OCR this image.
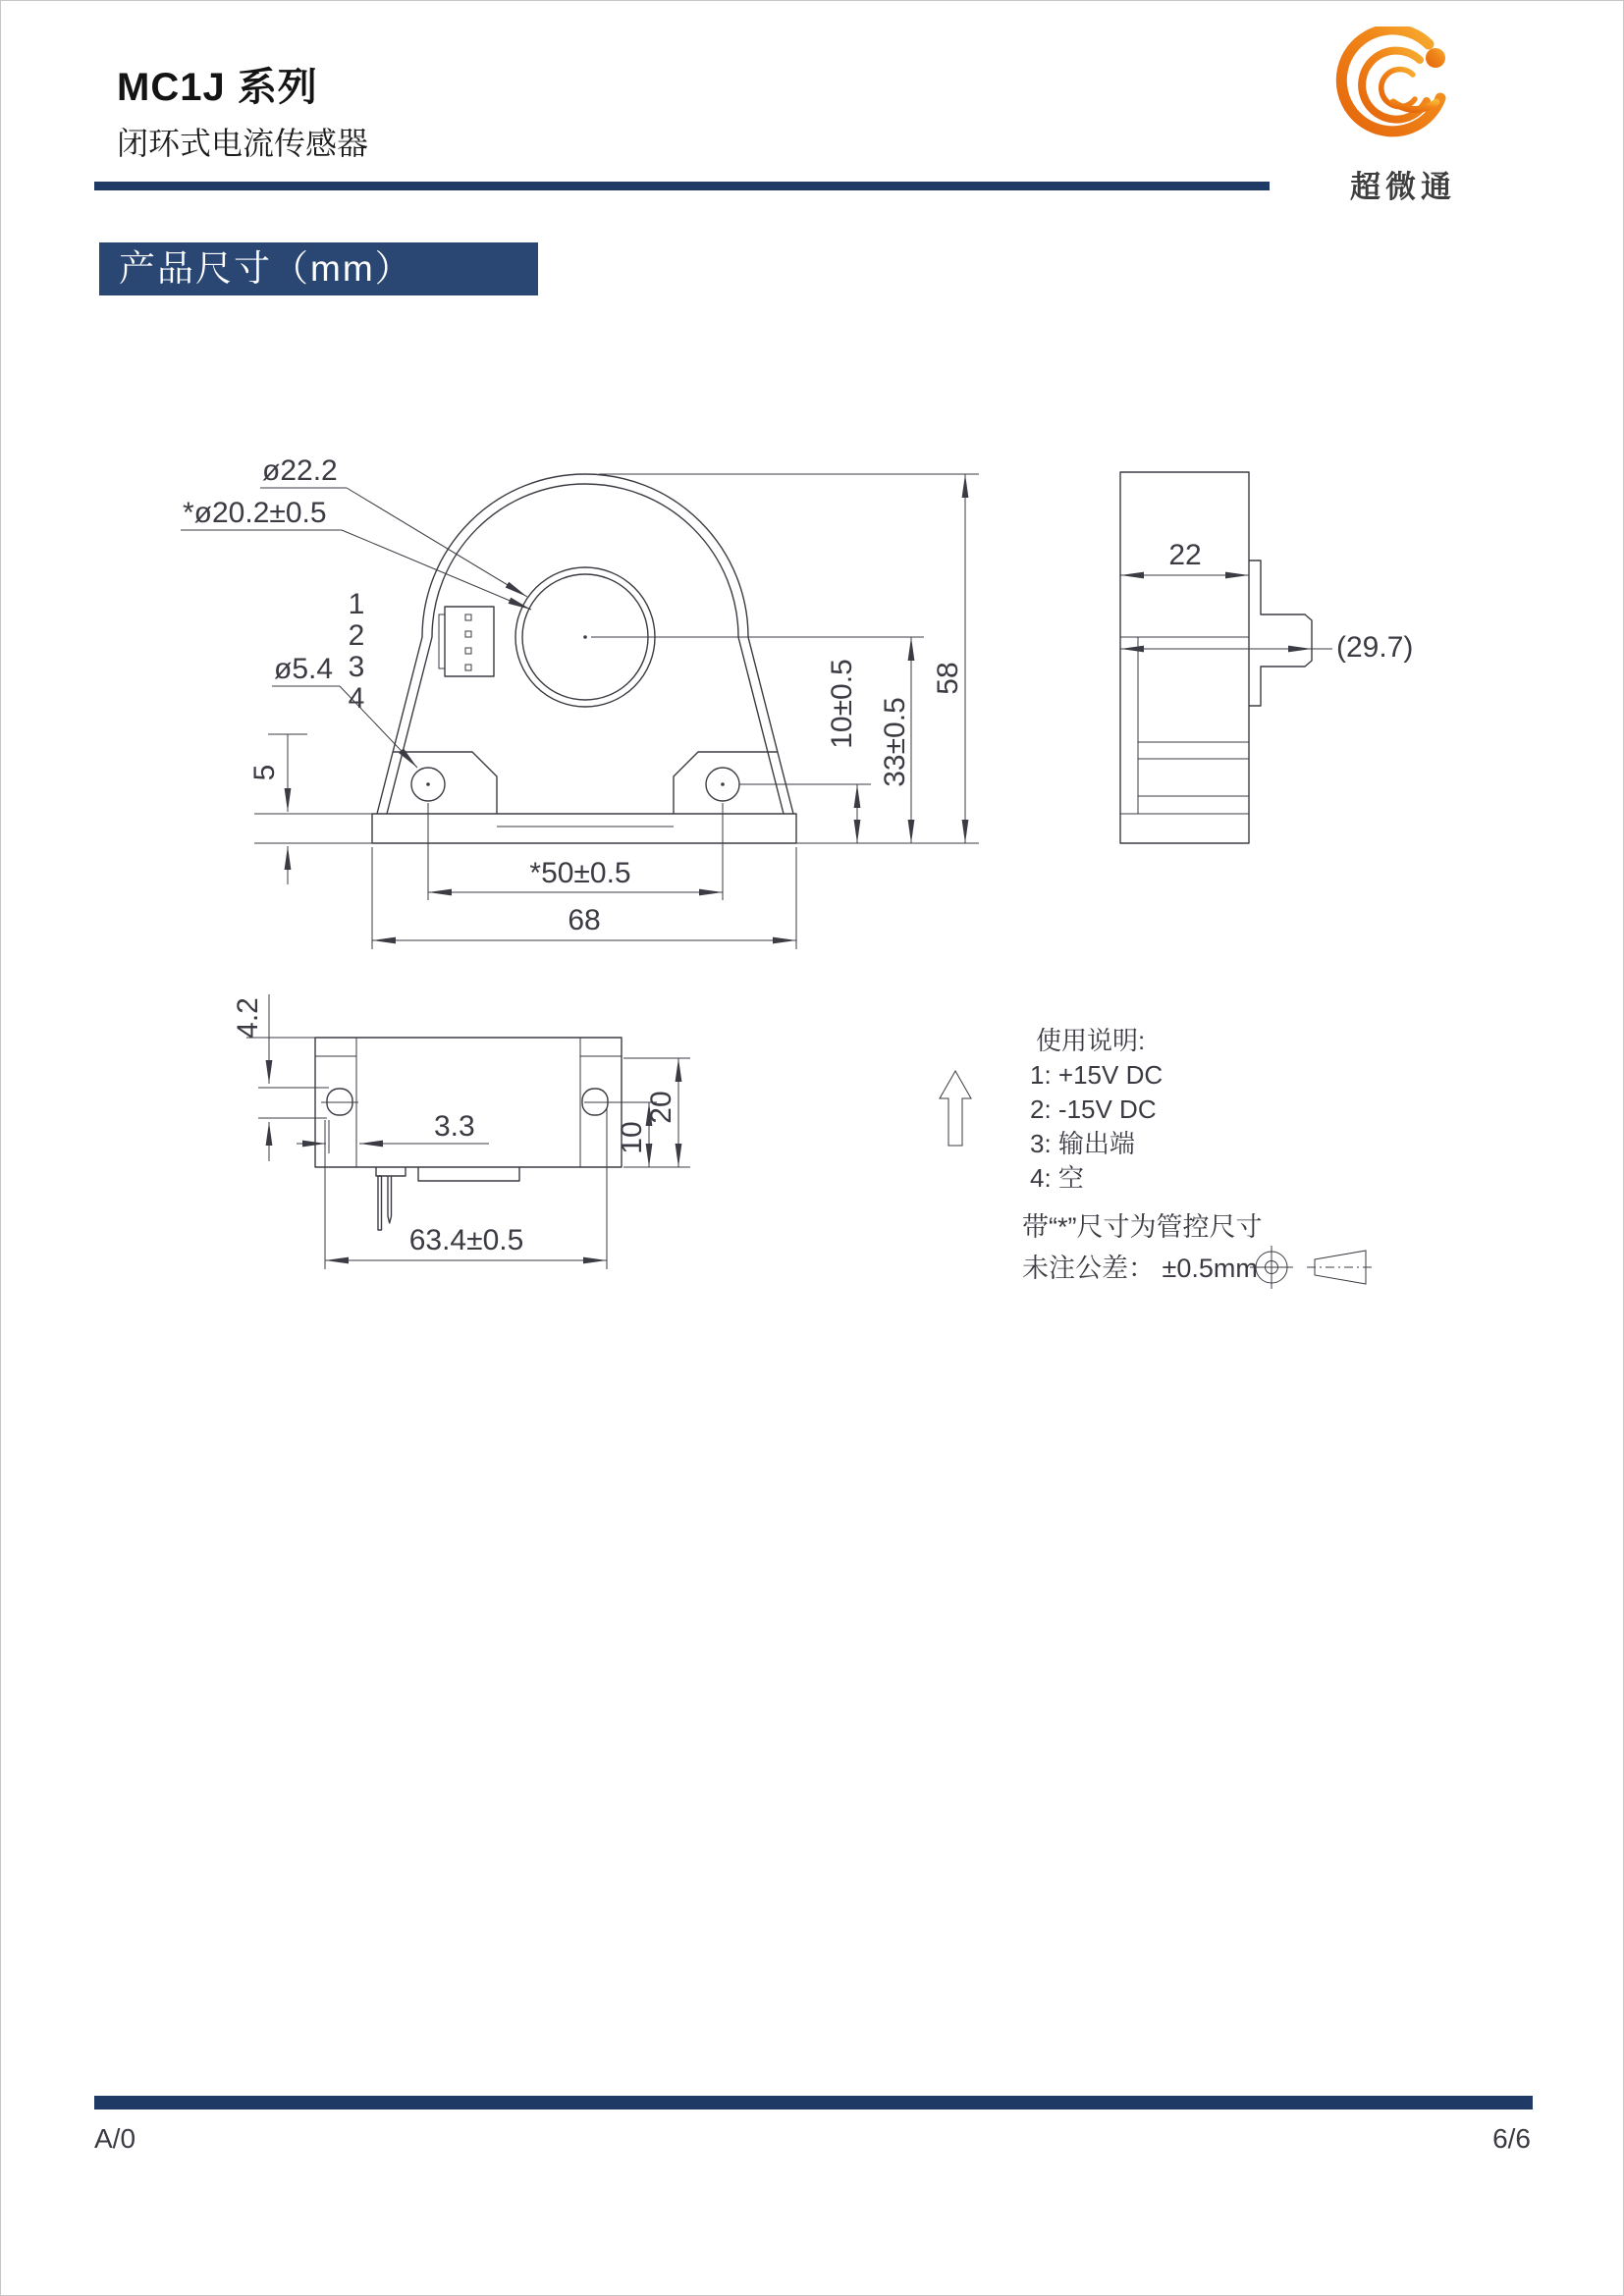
MC1J 系列
闭环式电流传感器
超微通
产品尺寸（mm）
1
2
3
4
ø22.2
*ø20.2±0.5
ø5.4
5
*50±0.5
68
10±0.5 33±0.5
58
22
(29.7)
4.2
3.3
63.4±0.5
10
20
使用说明:
1: +15V DC
2: -15V DC
3: 输出端
4: 空
带“*”尺寸为管控尺寸
未注公差： ±0.5mm
A/0	6/6
